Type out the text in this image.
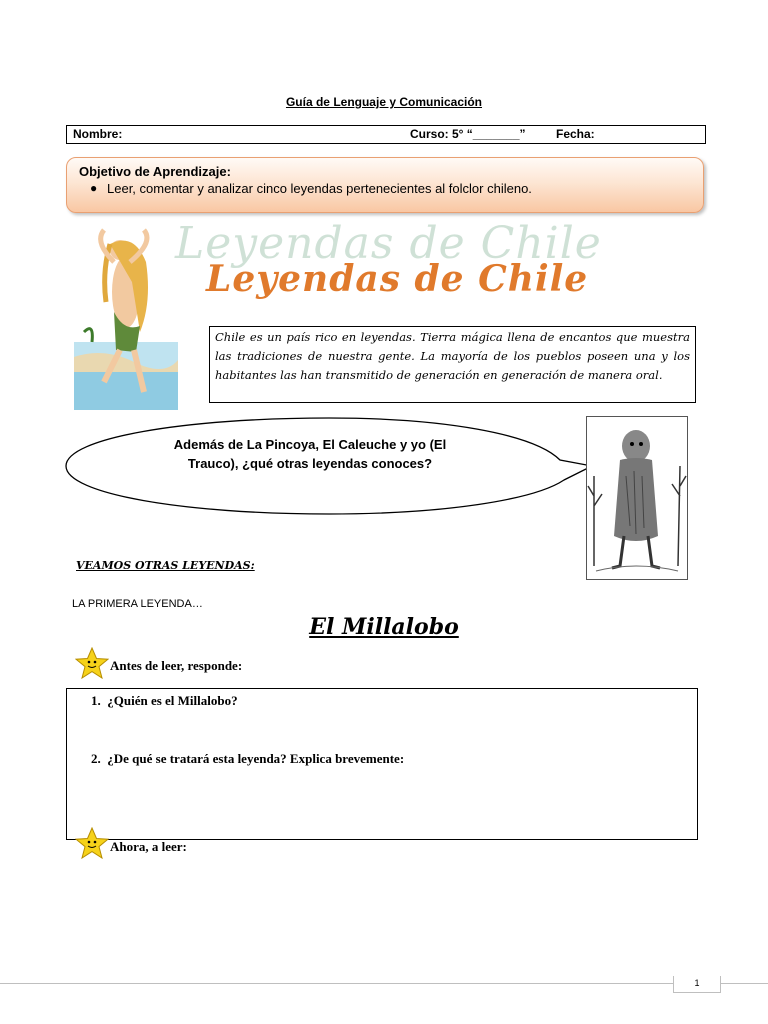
Guía de Lenguaje y Comunicación
Nombre:	Curso: 5° “_______”	Fecha:
Objetivo de Aprendizaje:
● Leer, comentar y analizar cinco leyendas pertenecientes al folclor chileno.
Leyendas de Chile
Leyendas de Chile
Chile es un país rico en leyendas. Tierra mágica llena de encantos que muestra las tradiciones de nuestra gente. La mayoría de los pueblos poseen una y los habitantes las han transmitido de generación en generación de manera oral.
Además de La Pincoya, El Caleuche y yo (El
Trauco), ¿qué otras leyendas conoces?
VEAMOS OTRAS LEYENDAS:
LA PRIMERA LEYENDA…
El Millalobo
Antes de leer, responde:
1. ¿Quién es el Millalobo?
2. ¿De qué se tratará esta leyenda? Explica brevemente:
Ahora, a leer:
1
